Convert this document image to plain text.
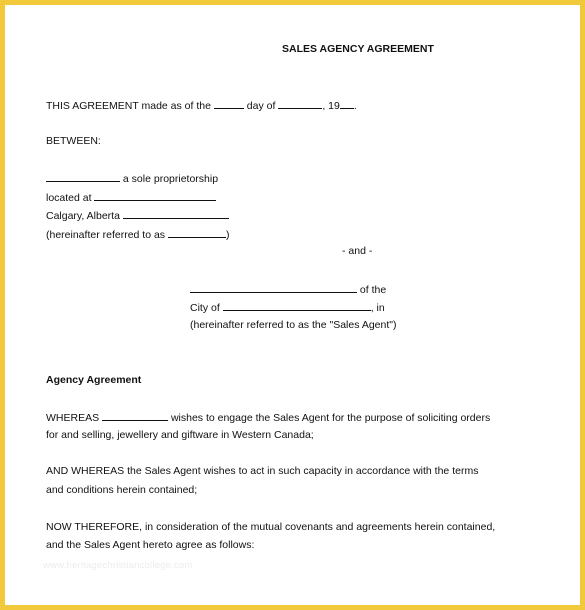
SALES AGENCY AGREEMENT
THIS AGREEMENT made as of the	day of	, 19 .
BETWEEN:
a sole proprietorship
located at
Calgary, Alberta
(hereinafter referred to as	)
- and -
of the
City of	, in
(hereinafter referred to as the "Sales Agent")
Agency Agreement
WHEREAS	wishes to engage the Sales Agent for the purpose of soliciting orders
for and selling, jewellery and giftware in Western Canada;
AND WHEREAS the Sales Agent wishes to act in such capacity in accordance with the terms
and conditions herein contained;
NOW THEREFORE, in consideration of the mutual covenants and agreements herein contained,
and the Sales Agent hereto agree as follows:
www.heritagechristiancollege.com
